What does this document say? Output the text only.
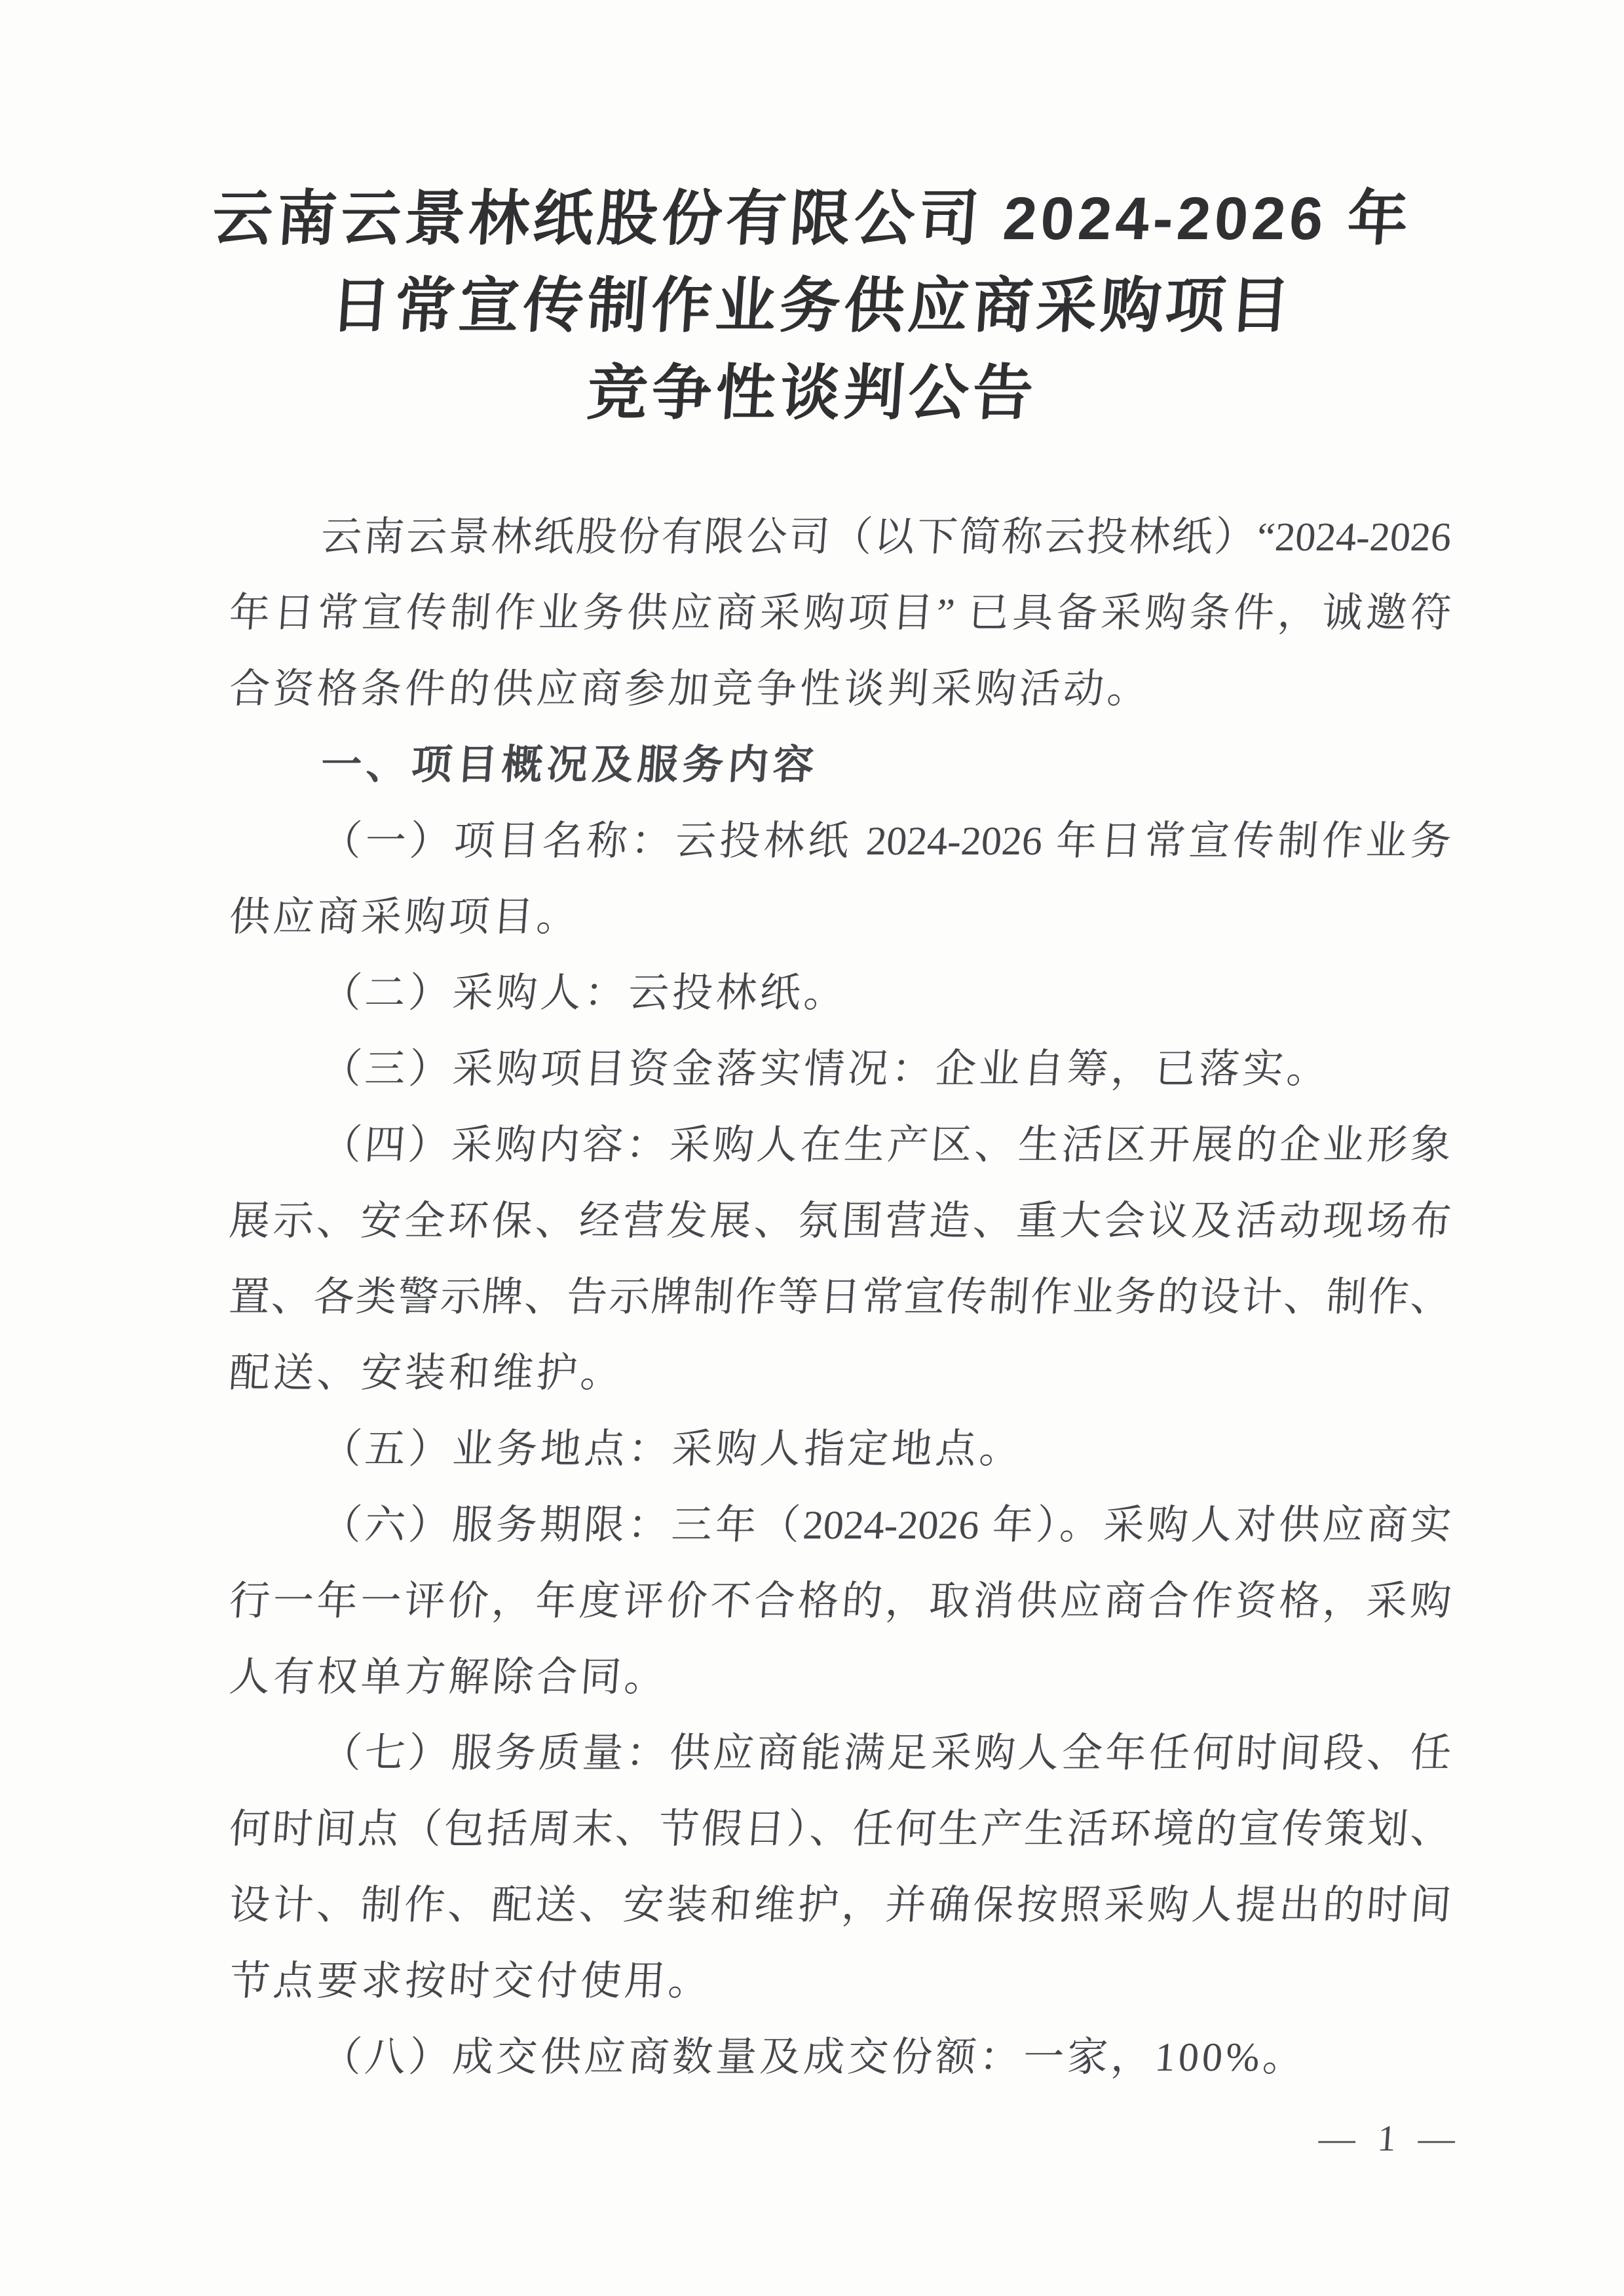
云南云景林纸股份有限公司 2024-2026 年
日常宣传制作业务供应商采购项目
竞争性谈判公告
云南云景林纸股份有限公司（以下简称云投林纸）“2024-2026
年日常宣传制作业务供应商采购项目” 已具备采购条件，诚邀符
合资格条件的供应商参加竞争性谈判采购活动。
一、项目概况及服务内容
（一）项目名称：云投林纸 2024-2026 年日常宣传制作业务
供应商采购项目。
（二）采购人：云投林纸。
（三）采购项目资金落实情况：企业自筹，已落实。
（四）采购内容：采购人在生产区、生活区开展的企业形象
展示、安全环保、经营发展、氛围营造、重大会议及活动现场布
置、各类警示牌、告示牌制作等日常宣传制作业务的设计、制作、
配送、安装和维护。
（五）业务地点：采购人指定地点。
（六）服务期限：三年（2024-2026 年）。采购人对供应商实
行一年一评价，年度评价不合格的，取消供应商合作资格，采购
人有权单方解除合同。
（七）服务质量：供应商能满足采购人全年任何时间段、任
何时间点（包括周末、节假日）、任何生产生活环境的宣传策划、
设计、制作、配送、安装和维护，并确保按照采购人提出的时间
节点要求按时交付使用。
（八）成交供应商数量及成交份额：一家，100%。
— 1 —
